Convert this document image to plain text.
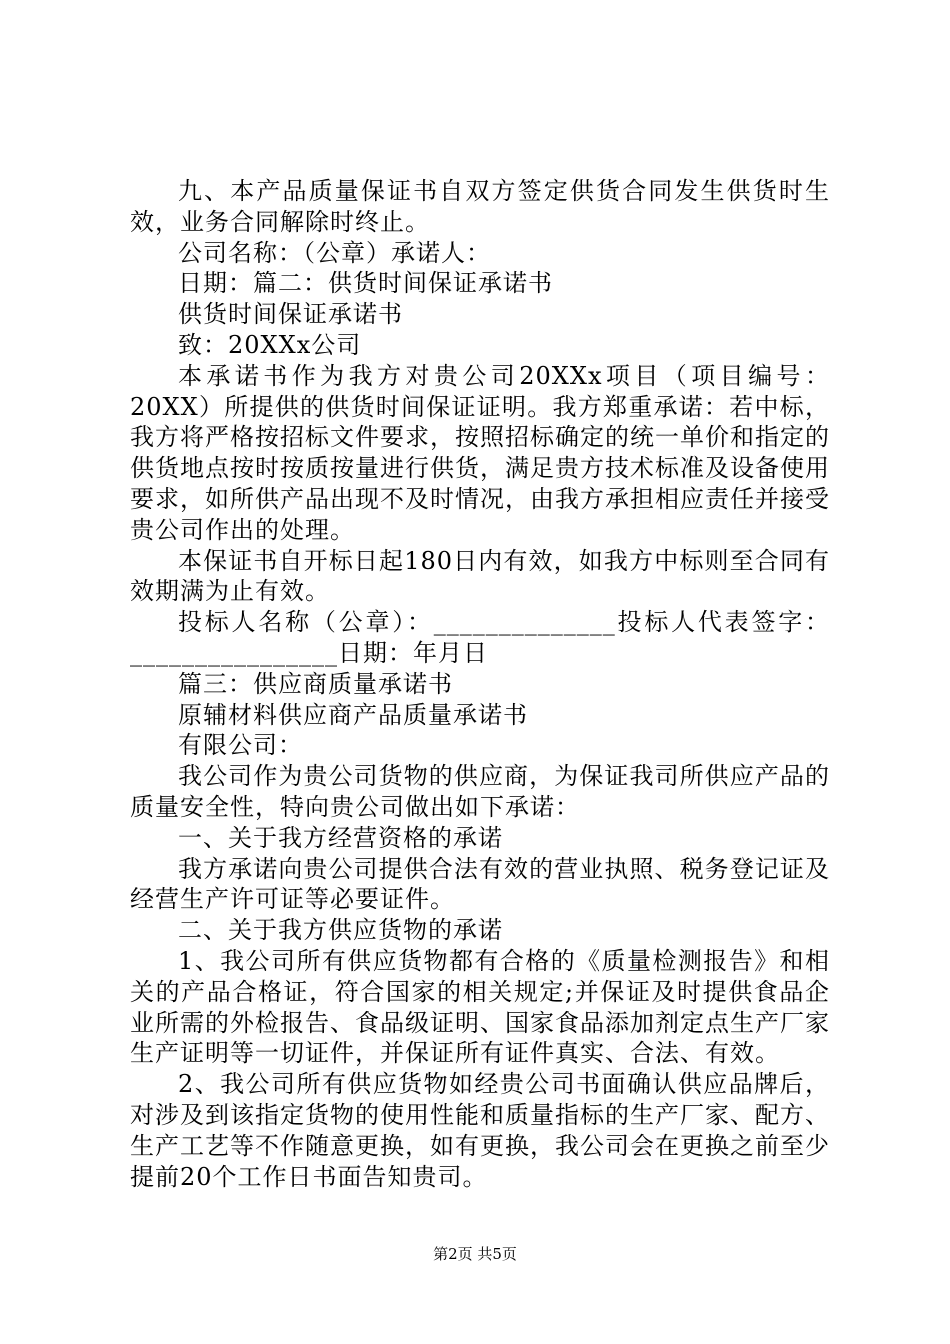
九、本产品质量保证书自双方签定供货合同发生供货时生效，业务合同解除时终止。

公司名称：（公章）承诺人：

日期：篇二：供货时间保证承诺书

供货时间保证承诺书

致：20XXx公司

本承诺书作为我方对贵公司20XXx项目（项目编号：20XX）所提供的供货时间保证证明。我方郑重承诺：若中标，我方将严格按招标文件要求，按照招标确定的统一单价和指定的供货地点按时按质按量进行供货，满足贵方技术标准及设备使用要求，如所供产品出现不及时情况，由我方承担相应责任并接受贵公司作出的处理。

本保证书自开标日起180日内有效，如我方中标则至合同有效期满为止有效。

投标人名称（公章）：______________投标人代表签字：________________日期：年月日

篇三：供应商质量承诺书

原辅材料供应商产品质量承诺书

有限公司：

我公司作为贵公司货物的供应商，为保证我司所供应产品的质量安全性，特向贵公司做出如下承诺：

一、关于我方经营资格的承诺

我方承诺向贵公司提供合法有效的营业执照、税务登记证及经营生产许可证等必要证件。

二、关于我方供应货物的承诺

1、我公司所有供应货物都有合格的《质量检测报告》和相关的产品合格证，符合国家的相关规定;并保证及时提供食品企业所需的外检报告、食品级证明、国家食品添加剂定点生产厂家生产证明等一切证件，并保证所有证件真实、合法、有效。

2、我公司所有供应货物如经贵公司书面确认供应品牌后，对涉及到该指定货物的使用性能和质量指标的生产厂家、配方、生产工艺等不作随意更换，如有更换，我公司会在更换之前至少提前20个工作日书面告知贵司。

第2页 共5页
